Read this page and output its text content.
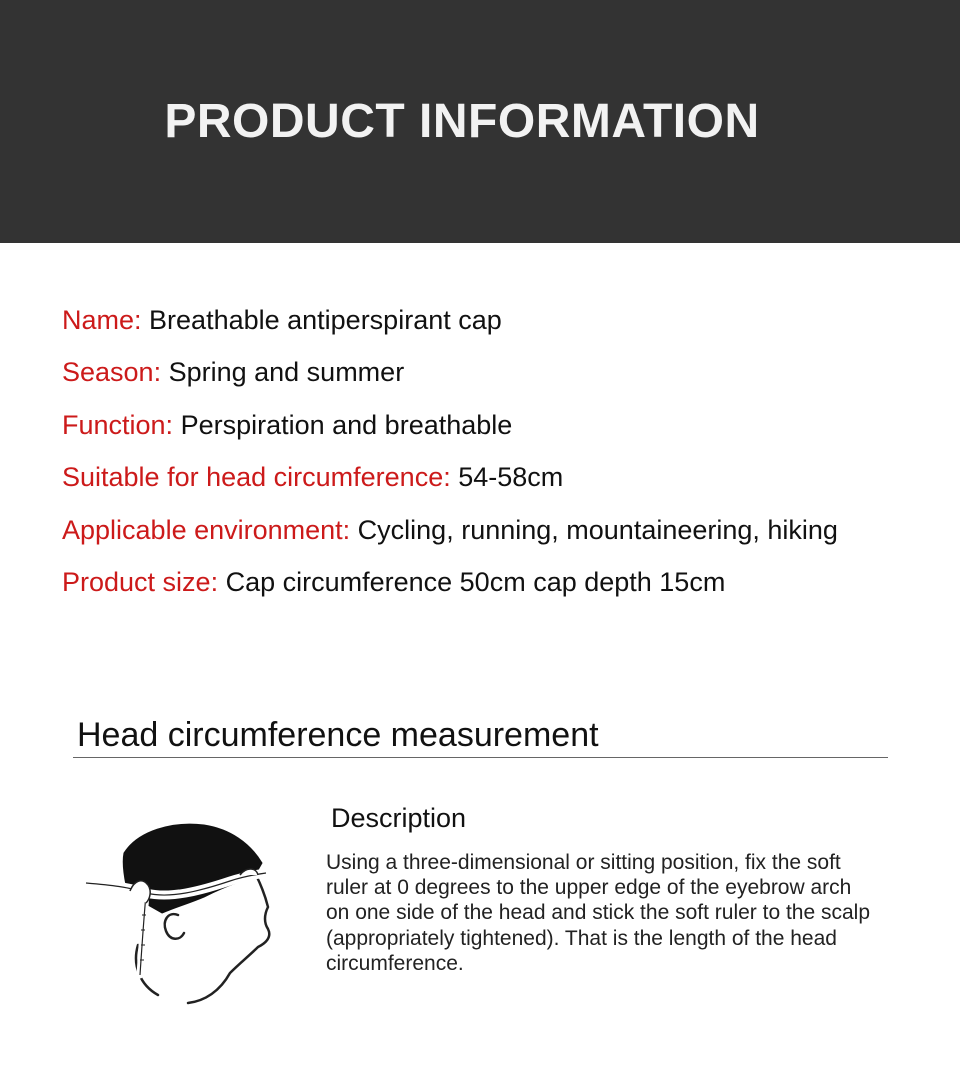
PRODUCT INFORMATION
Name: Breathable antiperspirant cap
Season: Spring and summer
Function: Perspiration and breathable
Suitable for head circumference: 54-58cm
Applicable environment: Cycling, running, mountaineering, hiking
Product size: Cap circumference 50cm cap depth 15cm
Head circumference measurement
Description
Using a three-dimensional or sitting position, fix the soft
ruler at 0 degrees to the upper edge of the eyebrow arch
on one side of the head and stick the soft ruler to the scalp
(appropriately tightened). That is the length of the head
circumference.
